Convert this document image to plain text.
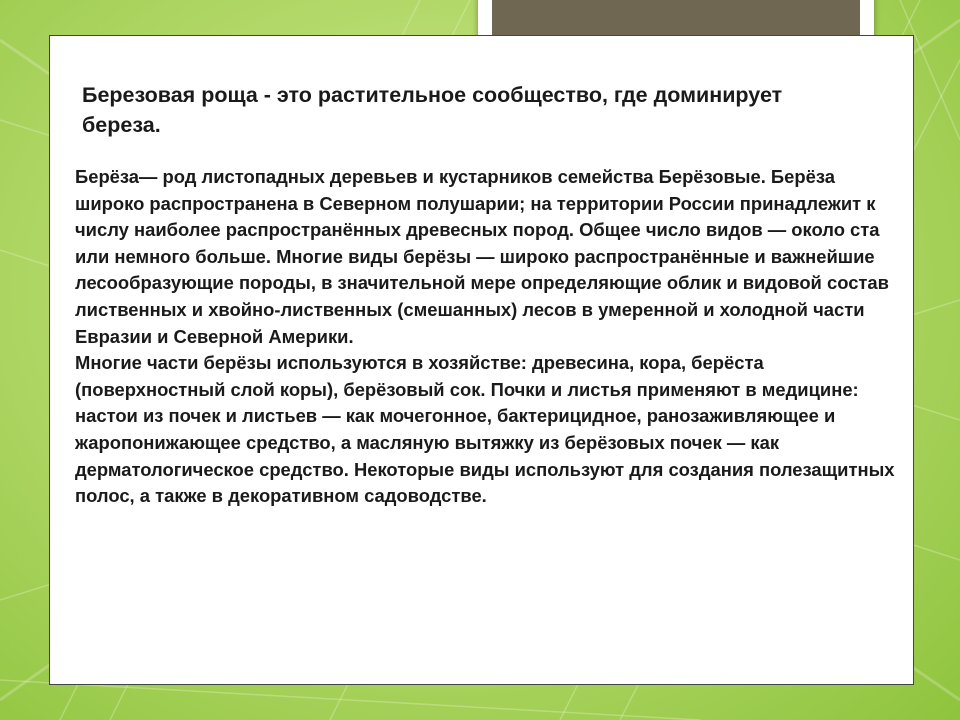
Березовая роща - это растительное сообщество, где доминирует береза.

Берёза— род листопадных деревьев и кустарников семейства Берёзовые. Берёза широко распространена в Северном полушарии; на территории России принадлежит к числу наиболее распространённых древесных пород. Общее число видов — около ста или немного больше. Многие виды берёзы — широко распространённые и важнейшие лесообразующие породы, в значительной мере определяющие облик и видовой состав лиственных и хвойно-лиственных (смешанных) лесов в умеренной и холодной части Евразии и Северной Америки.

Многие части берёзы используются в хозяйстве: древесина, кора, берёста (поверхностный слой коры), берёзовый сок. Почки и листья применяют в медицине: настои из почек и листьев — как мочегонное, бактерицидное, ранозаживляющее и жаропонижающее средство, а масляную вытяжку из берёзовых почек — как дерматологическое средство. Некоторые виды используют для создания полезащитных полос, а также в декоративном садоводстве.
